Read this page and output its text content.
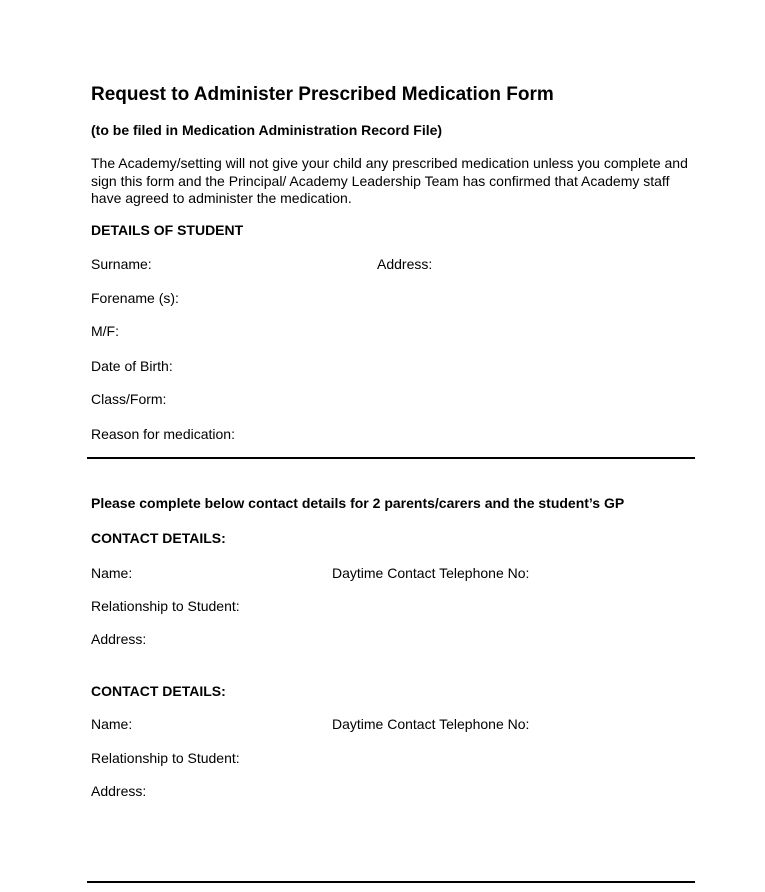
Request to Administer Prescribed Medication Form
(to be filed in Medication Administration Record File)

The Academy/setting will not give your child any prescribed medication unless you complete and sign this form and the Principal/ Academy Leadership Team has confirmed that Academy staff have agreed to administer the medication.

DETAILS OF STUDENT
Surname:	Address:
Forename (s):
M/F:
Date of Birth:
Class/Form:
Reason for medication:
Please complete below contact details for 2 parents/carers and the student’s GP
CONTACT DETAILS:
Name:	Daytime Contact Telephone No:
Relationship to Student:
Address:
CONTACT DETAILS:
Name:	Daytime Contact Telephone No:
Relationship to Student:
Address:
